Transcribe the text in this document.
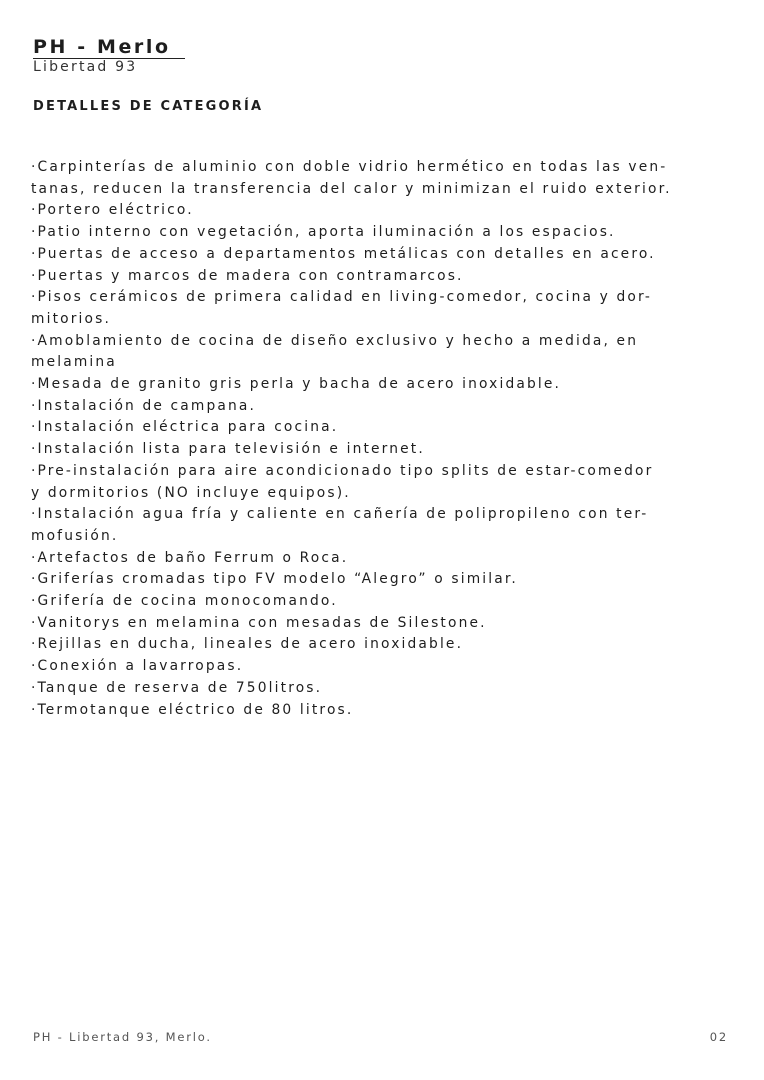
PH - Merlo
Libertad 93
DETALLES DE CATEGORÍA
·Carpinterías de aluminio con doble vidrio hermético en todas las ven-
tanas, reducen la transferencia del calor y minimizan el ruido exterior.
·Portero eléctrico.
·Patio interno con vegetación, aporta iluminación a los espacios.
·Puertas de acceso a departamentos metálicas con detalles en acero.
·Puertas y marcos de madera con contramarcos.
·Pisos cerámicos de primera calidad en living-comedor, cocina y dor-
mitorios.
·Amoblamiento de cocina de diseño exclusivo y hecho a medida, en
melamina
·Mesada de granito gris perla y bacha de acero inoxidable.
·Instalación de campana.
·Instalación eléctrica para cocina.
·Instalación lista para televisión e internet.
·Pre-instalación para aire acondicionado tipo splits de estar-comedor
y dormitorios (NO incluye equipos).
·Instalación agua fría y caliente en cañería de polipropileno con ter-
mofusión.
·Artefactos de baño Ferrum o Roca.
·Griferías cromadas tipo FV modelo “Alegro” o similar.
·Grifería de cocina monocomando.
·Vanitorys en melamina con mesadas de Silestone.
·Rejillas en ducha, lineales de acero inoxidable.
·Conexión a lavarropas.
·Tanque de reserva de 750litros.
·Termotanque eléctrico de 80 litros.
PH - Libertad 93, Merlo.	02
